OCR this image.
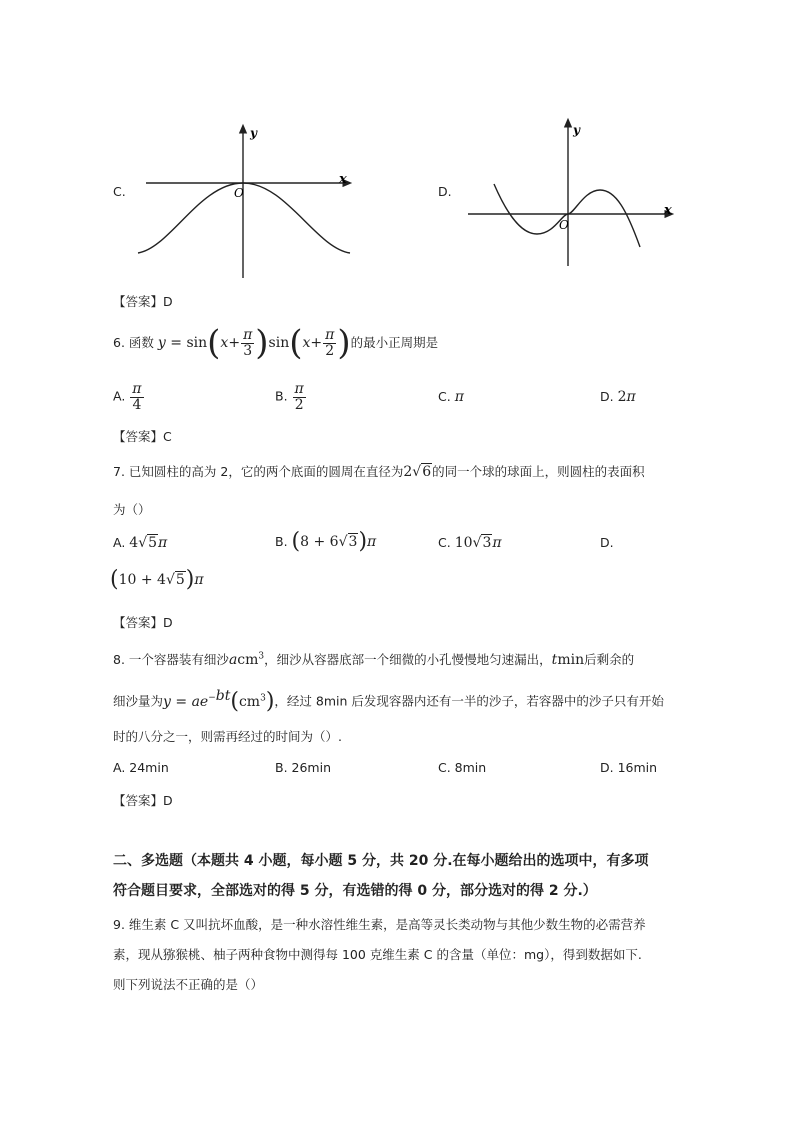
C.
y
x
O	D.
y
x
O
【答案】D
6. 函数 $y = \sin(x+ \frac{\pi}{3} )\sin(x+ \frac{\pi}{2}$ )的最小正周期是
A. $\frac{\pi}{4}$	B. $\frac{\pi}{2}$	C. π	D. 2π
【答案】C
7. 已知圆柱的高为 2，它的两个底面的圆周在直径为2√6的同一个球的球面上，则圆柱的表面积
为（）
A. 4√5π	B. (8 + 6√3)π	C. 10√3π	D.
(10 + 4√5)π
【答案】D
8. 一个容器装有细沙acm$^3$，细沙从容器底部一个细微的小孔慢慢地匀速漏出，tmin后剩余的
细沙量为$y = ae^{-bt}(cm^3)$，经过 8min 后发现容器内还有一半的沙子，若容器中的沙子只有开始
时的八分之一，则需再经过的时间为（）.
A. 24min	B. 26min	C. 8min	D. 16min
【答案】D
二、多选题（本题共 4 小题，每小题 5 分，共 20 分.在每小题给出的选项中，有多项
符合题目要求，全部选对的得 5 分，有选错的得 0 分，部分选对的得 2 分.）
9. 维生素 C 又叫抗坏血酸，是一种水溶性维生素，是高等灵长类动物与其他少数生物的必需营养
素，现从猕猴桃、柚子两种食物中测得每 100 克维生素 C 的含量（单位：mg），得到数据如下.
则下列说法不正确的是（）
